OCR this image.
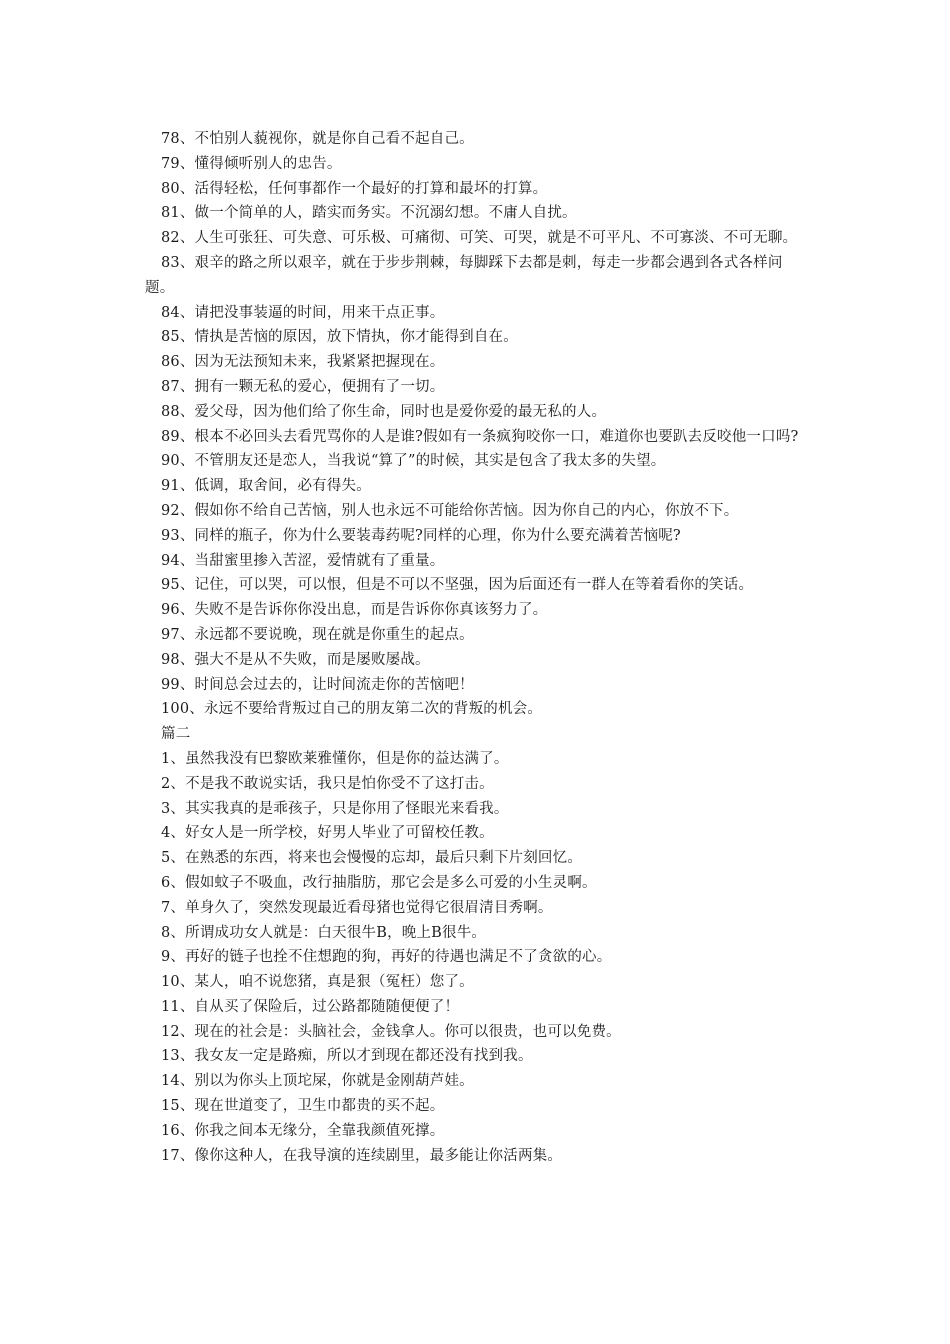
78、不怕别人藐视你，就是你自己看不起自己。

79、懂得倾听别人的忠告。

80、活得轻松，任何事都作一个最好的打算和最坏的打算。

81、做一个简单的人，踏实而务实。不沉溺幻想。不庸人自扰。

82、人生可张狂、可失意、可乐极、可痛彻、可笑、可哭，就是不可平凡、不可寡淡、不可无聊。

83、艰辛的路之所以艰辛，就在于步步荆棘，每脚踩下去都是刺，每走一步都会遇到各式各样问题。

84、请把没事装逼的时间，用来干点正事。

85、情执是苦恼的原因，放下情执，你才能得到自在。

86、因为无法预知未来，我紧紧把握现在。

87、拥有一颗无私的爱心，便拥有了一切。

88、爱父母，因为他们给了你生命，同时也是爱你爱的最无私的人。

89、根本不必回头去看咒骂你的人是谁?假如有一条疯狗咬你一口，难道你也要趴去反咬他一口吗?

90、不管朋友还是恋人，当我说“算了”的时候，其实是包含了我太多的失望。

91、低调，取舍间，必有得失。

92、假如你不给自己苦恼，别人也永远不可能给你苦恼。因为你自己的内心，你放不下。

93、同样的瓶子，你为什么要装毒药呢?同样的心理，你为什么要充满着苦恼呢?

94、当甜蜜里掺入苦涩，爱情就有了重量。

95、记住，可以哭，可以恨，但是不可以不坚强，因为后面还有一群人在等着看你的笑话。

96、失败不是告诉你你没出息，而是告诉你你真该努力了。

97、永远都不要说晚，现在就是你重生的起点。

98、强大不是从不失败，而是屡败屡战。

99、时间总会过去的，让时间流走你的苦恼吧！

100、永远不要给背叛过自己的朋友第二次的背叛的机会。

篇二

1、虽然我没有巴黎欧莱雅懂你，但是你的益达满了。

2、不是我不敢说实话，我只是怕你受不了这打击。

3、其实我真的是乖孩子，只是你用了怪眼光来看我。

4、好女人是一所学校，好男人毕业了可留校任教。

5、在熟悉的东西，将来也会慢慢的忘却，最后只剩下片刻回忆。

6、假如蚊子不吸血，改行抽脂肪，那它会是多么可爱的小生灵啊。

7、单身久了，突然发现最近看母猪也觉得它很眉清目秀啊。

8、所谓成功女人就是：白天很牛B，晚上B很牛。

9、再好的链子也拴不住想跑的狗，再好的待遇也满足不了贪欲的心。

10、某人，咱不说您猪，真是狠（冤枉）您了。

11、自从买了保险后，过公路都随随便便了！

12、现在的社会是：头脑社会，金钱拿人。你可以很贵，也可以免费。

13、我女友一定是路痴，所以才到现在都还没有找到我。

14、别以为你头上顶坨屎，你就是金刚葫芦娃。

15、现在世道变了，卫生巾都贵的买不起。

16、你我之间本无缘分，全靠我颜值死撑。

17、像你这种人，在我导演的连续剧里，最多能让你活两集。
